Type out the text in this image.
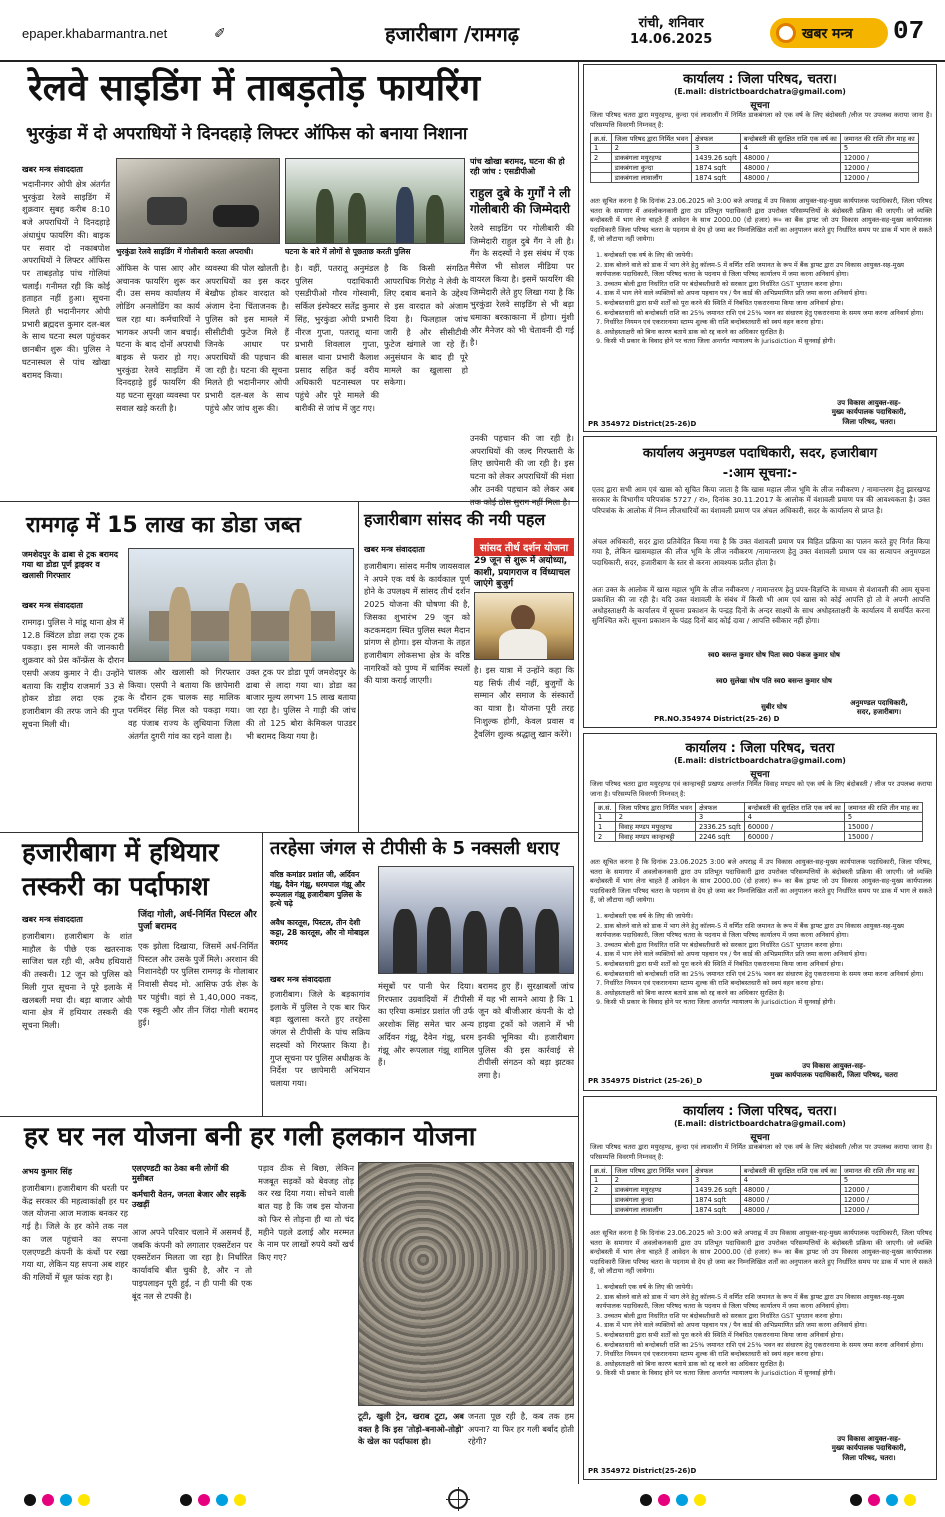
epaper.khabarmantra.net	✐	हजारीबाग /रामगढ़	रांची, शनिवार
14.06.2025	खबर मन्त्र 07
रेलवे साइडिंग में ताबड़तोड़ फायरिंग
भुरकुंडा में दो अपराधियों ने दिनदहाड़े लिफ्टर ऑफिस को बनाया निशाना
खबर मन्त्र संवाददाता
भुरकुंडा रेलवे साइडिंग में गोलीबारी करता अपराधी।	घटना के बारे में लोगों से पूछताछ करती पुलिस
पांच खोखा बरामद, घटना की हो रही जांच : एसडीपीओ
राहुल दुबे के गुर्गों ने ली गोलीबारी की जिम्मेदारी
रेलवे साइडिंग पर गोलीबारी की जिम्मेदारी राहुल दुबे गैंग ने ली है। गैंग के सदस्यों ने इस संबंध में एक मैसेज भी सोशल मीडिया पर वायरल किया है। इसमें फायरिंग की जिम्मेदारी लेते हुए लिखा गया है कि भुरकुंडा रेलवे साइडिंग से भी बड़ा धमाका बरकाकाना में होगा। मुंशी और मैनेजर को भी चेतावनी दी गई है।
भदानीनगर ओपी क्षेत्र अंतर्गत भुरकुंडा रेलवे साइडिंग में शुक्रवार सुबह करीब 8:10 बजे अपराधियों ने दिनदहाड़े अंधाधुंध फायरिंग की। बाइक पर सवार दो नकाबपोश अपराधियों ने लिफ्टर ऑफिस पर ताबड़तोड़ पांच गोलियां चलाईं। गनीमत रही कि कोई हताहत नहीं हुआ। सूचना मिलते ही भदानीनगर ओपी प्रभारी ब्रह्मदत्त कुमार दल-बल के साथ घटना स्थल पहुंचकर छानबीन शुरू की। पुलिस ने घटनास्थल से पांच खोखा बरामद किया।
ऑफिस के पास आए और अचानक फायरिंग शुरू कर दी। उस समय कार्यालय में लोडिंग अनलोडिंग का कार्य चल रहा था। कर्मचारियों ने भागकर अपनी जान बचाई। घटना के बाद दोनों अपराधी बाइक से फरार हो गए। भुरकुंडा रेलवे साइडिंग में दिनदहाड़े हुई फायरिंग की यह घटना सुरक्षा व्यवस्था पर सवाल खड़े करती है।
व्यवस्था की पोल खोलती है। अपराधियों का इस कदर बेखौफ होकर वारदात को अंजाम देना चिंताजनक है। पुलिस को इस मामले में सीसीटीवी फुटेज मिले हैं जिनके आधार पर अपराधियों की पहचान की जा रही है। घटना की सूचना मिलते ही भदानीनगर ओपी प्रभारी दल-बल के साथ पहुंचे और जांच शुरू की।
है। वहीं, पतरातू अनुमंडल पुलिस पदाधिकारी एसडीपीओ गौरव गोस्वामी, सर्किल इंस्पेक्टर सतेंद्र कुमार सिंह, भुरकुंडा ओपी प्रभारी नीरज गुप्ता, पतरातू थाना प्रभारी शिवलाल गुप्ता, बासल थाना प्रभारी कैलाश प्रसाद सहित कई वरीय अधिकारी घटनास्थल पर पहुंचे और पूरे मामले की बारीकी से जांच में जुट गए।
है कि किसी संगठित आपराधिक गिरोह ने लेवी के लिए दबाव बनाने के उद्देश्य से इस वारदात को अंजाम दिया है। फिलहाल जांच जारी है और सीसीटीवी फुटेज खंगाले जा रहे हैं। अनुसंधान के बाद ही पूरे मामले का खुलासा हो सकेगा।
उनकी पहचान की जा रही है। अपराधियों की जल्द गिरफ्तारी के लिए छापेमारी की जा रही है। इस घटना को लेकर अपराधियों की मंशा और उनकी पहचान को लेकर अब तक कोई ठोस सुराग नहीं मिला है।
रामगढ़ में 15 लाख का डोडा जब्त
जमशेदपुर के ढाबा से ट्रक बरामद गया था डोडा पूर्ण ड्राइवर व खलासी गिरफ्तार
खबर मन्त्र संवाददाता
रामगढ़। पुलिस ने मांडू थाना क्षेत्र में 12.8 क्विंटल डोडा लदा एक ट्रक पकड़ा। इस मामले की जानकारी शुक्रवार को प्रेस कॉन्फ्रेंस के दौरान एसपी अजय कुमार ने दी। उन्होंने बताया कि राष्ट्रीय राजमार्ग 33 से होकर डोडा लदा एक ट्रक हजारीबाग की तरफ जाने की गुप्त सूचना मिली थी।
चालक और खलासी को गिरफ्तार किया। एसपी ने बताया कि छापेमारी के दौरान ट्रक चालक सह मालिक परमिंदर सिंह मिल को पकड़ा गया। वह पंजाब राज्य के लुधियाना जिला अंतर्गत दुगरी गांव का रहने वाला है।
उक्त ट्रक पर डोडा पूर्ण जमशेदपुर के ढाबा से लादा गया था। डोडा का बाजार मूल्य लगभग 15 लाख बताया जा रहा है। पुलिस ने गाड़ी की जांच की तो 125 बोरा केमिकल पाउडर भी बरामद किया गया है।
हजारीबाग सांसद की नयी पहल
सांसद तीर्थ दर्शन योजना
29 जून से शुरू में अयोध्या, काशी, प्रयागराज व विंध्याचल जाएंगे बुजुर्ग
खबर मन्त्र संवाददाता
हजारीबाग। सांसद मनीष जायसवाल ने अपने एक वर्ष के कार्यकाल पूर्ण होने के उपलक्ष्य में सांसद तीर्थ दर्शन 2025 योजना की घोषणा की है, जिसका शुभारंभ 29 जून को कटकमदाग स्थित पुलिस स्थल मैदान प्रांगण से होगा। इस योजना के तहत हजारीबाग लोकसभा क्षेत्र के वरिष्ठ नागरिकों को पुण्य में धार्मिक स्थलों की यात्रा कराई जाएगी।
है। इस यात्रा में उन्होंने कहा कि यह सिर्फ तीर्थ नहीं, बुजुर्गों के सम्मान और समाज के संस्कारों का यात्रा है। योजना पूरी तरह निःशुल्क होगी, केवल प्रवास व ट्रैवलिंग शुल्क श्रद्धालु खान करेंगे।
हजारीबाग में हथियार
तस्करी का पर्दाफाश
जिंदा गोली, अर्ध-निर्मित पिस्टल और पुर्जा बरामद
खबर मन्त्र संवाददाता
हजारीबाग। हजारीबाग के शांत माहौल के पीछे एक खतरनाक साजिश चल रही थी, अवैध हथियारों की तस्करी। 12 जून को पुलिस को मिली गुप्त सूचना ने पूरे इलाके में खलबली मचा दी। बड़ा बाजार ओपी थाना क्षेत्र में हथियार तस्करी की सूचना मिली।
एक झोला दिखाया, जिसमें अर्ध-निर्मित पिस्टल और उसके पुर्जे मिले। अरशान की निशानदेही पर पुलिस रामगढ़ के गोलाबार निवासी सैयद मो. आसिफ उर्फ शेरू के घर पहुंची। वहां से 1,40,000 नकद, एक स्कूटी और तीन जिंदा गोली बरामद हुई।
तरहेसा जंगल से टीपीसी के 5 नक्सली धराए
वरिष्ठ कमांडर प्रशांत जी, अर्दिवन गंझू, दैवेन गंझू, धरमपाल गंझू और रूपलाल गंझू हजारीबाग पुलिस के हत्थे चढ़े
अवैध कारतूस, पिस्टल, तीन देशी कट्टा, 28 कारतूस, और नो मोबाइल बरामद
खबर मन्त्र संवाददाता
हजारीबाग। जिले के बड़कागांव इलाके में पुलिस ने एक बार फिर बड़ा खुलासा करते हुए तरहेसा जंगल से टीपीसी के पांच सक्रिय सदस्यों को गिरफ्तार किया है। गुप्त सूचना पर पुलिस अधीक्षक के निर्देश पर छापेमारी अभियान चलाया गया।
मंसूबों पर पानी फेर दिया। गिरफ्तार उग्रवादियों में टीपीसी का एरिया कमांडर प्रशांत जी उर्फ अरशोक सिंह समेत चार अन्य अर्दिवन गंझू, दैवेन गंझू, धरम गंझू और रूपलाल गंझू शामिल हैं।
बरामद हुए हैं। सुरक्षाबलों जांच में यह भी सामने आया है कि 1 जून को बीजीआर कंपनी के दो हाइवा ट्रकों को जलाने में भी इनकी भूमिका थी। हजारीबाग पुलिस की इस कार्रवाई से टीपीसी संगठन को बड़ा झटका लगा है।
हर घर नल योजना बनी हर गली हलकान योजना
अभय कुमार सिंह	एलएण्डटी का ठेका बनी लोगों की मुसीबत
कर्मचारी वेतन, जनता बेजार और सड़कें उखड़ीं
हजारीबाग। हजारीबाग की धरती पर केंद्र सरकार की महत्वाकांक्षी हर घर जल योजना आज मजाक बनकर रह गई है। जिले के हर कोने तक नल का जल पहुंचाने का सपना एलएण्डटी कंपनी के कंधों पर रखा गया था, लेकिन यह सपना अब शहर की गलियों में धूल फांक रहा है।
आज अपने परिवार चलाने में असमर्थ हैं, जबकि कंपनी को लगातार एक्सटेंशन पर एक्सटेंशन मिलता जा रहा है। निर्धारित कार्यावधि बीत चुकी है, और न तो पाइपलाइन पूरी हुई, न ही पानी की एक बूंद नल से टपकी है।
पड़ाव ठीक से बिछा, लेकिन मजबूत सड़कों को बेवजह तोड़ कर रख दिया गया। सोचने वाली बात यह है कि जब इस योजना को फिर से तोड़ना ही था तो चंद महीने पहले ढलाई और मरम्मत के नाम पर लाखों रुपये क्यों खर्च किए गए?
टूटी, खुली ट्रेन, खराब टूटा, अब वक्त है कि इस 'तोड़ो-बनाओ-तोड़ो' के खेल का पर्दाफाश हो।
जनता पूछ रही है, कब तक हम अपना? या फिर हर गली बर्बाद होती रहेगी?
कार्यालय : जिला परिषद, चतरा।
(E.mail: districtboardchatra@gmail.com)
सूचना
जिला परिषद चतरा द्वारा मयुरहण्ड, कुन्दा एवं लावालौंग में निर्मित डाकबंगला को एक वर्ष के लिए बंदोबस्ती /लीज पर उपलब्ध कराया जाना है। परिसम्पत्ति विवरणी निम्नवत् है:
क्र.सं.	जिला परिषद द्वारा निर्मित भवन	क्षेत्रफल	बन्दोबस्ती की सुरक्षित राशि एक वर्ष का	जमानत की राशि तीन माह का
1	2	3	4	5
2	डाकबंगला मयुरहण्ड	1439.26 sqft	48000 /	12000 /
	डाकबंगला कुन्दा	1874 sqft	48000 /	12000 /
	डाकबंगला लावालौंग	1874 sqft	48000 /	12000 /
अतः सूचित करना है कि दिनांक 23.06.2025 को 3:00 बजे अपराह्न में उप विकास आयुक्त-सह-मुख्य कार्यपालक पदाधिकारी, जिला परिषद चतरा के समागार में अवलोकनकारी द्वारा उप प्रतिभूत पदाधिकारी द्वारा उपरोक्त परिसम्पत्तियों के बंदोबस्ती प्रक्रिया की जाएगी। जो व्यक्ति बन्दोबस्ती में भाग लेना चाहते हैं आवेदन के साथ 2000.00 (दो हजार) रू० का बैंक ड्राफ्ट जो उप विकास आयुक्त-सह-मुख्य कार्यपालक पदाधिकारी जिला परिषद चतरा के पदनाम से देय हो जमा कर निम्नलिखित शर्तों का अनुपालन करते हुए निर्धारित समय पर डाक में भाग ले सकते हैं, जो लौटाया नहीं जायेगा।
1. बन्दोबस्ती एक वर्ष के लिए की जायेगी।
2. डाक बोलने वाले को डाक में भाग लेने हेतु कॉलम-5 में वर्णित राशि जमानत के रूप में बैंक ड्राफ्ट द्वारा उप विकास आयुक्त-सह-मुख्य कार्यपालक पदाधिकारी, जिला परिषद चतरा के पदनाम से जिला परिषद कार्यालय में जमा करना अनिवार्य होगा।
3. उच्चतम बोली द्वारा निर्धारित राशि पर बंदोबस्तीधारी को सरकार द्वारा निर्धारित GST भुगतान करना होगा।
4. डाक में भाग लेने वाले व्यक्तियों को अपना पहचान पत्र / पैन कार्ड की अभिप्रमाणित प्रति जमा करना अनिवार्य होगा।
5. बन्दोबस्तधारी द्वारा सभी शर्तों को पूरा करने की स्थिति में निबंधित एकरारनामा किया जाना अनिवार्य होगा।
6. बन्दोबस्तधारी को बन्दोबस्ती राशि का 25% जमानत राशि एवं 25% भवन का संधारण हेतु एकरारनामा के समय जमा करना अनिवार्य होगा।
7. निर्धारित नियमन एवं एकरारनामा स्टाम्प शुल्क की राशि बन्दोबस्तधारी को स्वयं वहन करना होगा।
8. अधोहस्ताक्षरी को बिना कारण बताये डाक को रद्द करने का अधिकार सुरक्षित है।
9. किसी भी प्रकार के विवाद होने पर चतरा जिला अन्तर्गत न्यायालय के jurisdiction में सुनवाई होगी।
उप विकास आयुक्त-सह-
मुख्य कार्यपालक पदाधिकारी,
जिला परिषद, चतरा।
PR 354972 District(25-26)D
कार्यालय अनुमण्डल पदाधिकारी, सदर, हजारीबाग
-:आम सूचना:-
एतद द्वारा सभी आम एवं खास को सूचित किया जाता है कि खास महाल लीज भूमि के लीज नवीकरण / नामान्तरण हेतु झारखण्ड सरकार के विभागीय परिपत्रांक 5727 / रा०, दिनांक 30.11.2017 के आलोक में वंशावली प्रमाण पत्र की आवश्यकता है। उक्त परिपत्रांक के आलोक में निम्न लीजधारियों का वंशावली प्रमाण पत्र अंचल अधिकारी, सदर के कार्यालय से प्राप्त है।
अंचल अधिकारी, सदर द्वारा प्रतिवेदित किया गया है कि उक्त वंशावली प्रमाण पत्र विहित प्रक्रिया का पालन करते हुए निर्गत किया गया है, लेकिन खासमहाल की लीज भूमि के लीज नवीकरण /नामान्तरण हेतु उक्त वंशावली प्रमाण पत्र का सत्यापन अनुमण्डल पदाधिकारी, सदर, हजारीबाग के स्तर से करना आवश्यक प्रतीत होता है।
अतः उक्त के आलोक में खास महाल भूमि के लीज नवीकरण / नामान्तरण हेतु प्रपत्र-विज्ञप्ति के माध्यम से वंशावली की आम सूचना प्रकाशित की जा रही है। यदि उक्त वंशावली के संबंध में किसी भी आम एवं खास को कोई आपत्ति हो तो वे अपनी आपत्ति अधोहस्ताक्षरी के कार्यालय में सूचना प्रकाशन के पन्द्रह दिनों के अन्दर साक्ष्यों के साथ अधोहस्ताक्षरी के कार्यालय में समर्पित करना सुनिश्चित करें। सूचना प्रकाशन के पंद्रह दिनों बाद कोई दावा / आपत्ति स्वीकार नहीं होगा।
स्व0 बसन्त कुमार घोष पिता स्व0 पंकज कुमार घोष
स्व0 सुलेखा घोष पति स्व0 बसन्त कुमार घोष
सुबीर घोष	अनुमण्डल पदाधिकारी,
सदर, हजारीबाग।
PR.NO.354974 District(25-26) D
कार्यालय : जिला परिषद, चतरा
(E.mail: districtboardchatra@gmail.com)
सूचना
जिला परिषद चतरा द्वारा मयुरहण्ड एवं कान्हाचट्टी प्रखण्ड अन्तर्गत निर्मित विवाह मण्डप को एक वर्ष के लिए बंदोबस्ती / लीज पर उपलब्ध कराया जाना है। परिसम्पत्ति विवरणी निम्नवत् है:
क्र.सं.	जिला परिषद द्वारा निर्मित भवन	क्षेत्रफल	बन्दोबस्ती की सुरक्षित राशि एक वर्ष का	जमानत की राशि तीन माह का
1	2	3	4	5
1	विवाह मण्डप मयुरहण्ड	2336.25 sqft	60000 /	15000 /
2	विवाह मण्डप कान्हाचट्टी	2246 sqft	60000 /	15000 /
अतः सूचित करना है कि दिनांक 23.06.2025 3:00 बजे अपराह्न में उप विकास आयुक्त-सह-मुख्य कार्यपालक पदाधिकारी, जिला परिषद, चतरा के समागार में अवलोकनकारी द्वारा उप प्रतिभूत पदाधिकारी द्वारा उपरोक्त परिसम्पत्तियों के बंदोबस्ती प्रक्रिया की जाएगी। जो व्यक्ति बन्दोबस्ती में भाग लेना चाहते हैं आवेदन के साथ 2000.00 (दो हजार) रू० का बैंक ड्राफ्ट जो उप विकास आयुक्त-सह-मुख्य कार्यपालक पदाधिकारी जिला परिषद चतरा के पदनाम से देय हो जमा कर निम्नलिखित शर्तों का अनुपालन करते हुए निर्धारित समय पर डाक में भाग ले सकते हैं, जो लौटाया नहीं जायेगा।
1. बन्दोबस्ती एक वर्ष के लिए की जायेगी।
2. डाक बोलने वाले को डाक में भाग लेने हेतु कॉलम-5 में वर्णित राशि जमानत के रूप में बैंक ड्राफ्ट द्वारा उप विकास आयुक्त-सह-मुख्य कार्यपालक पदाधिकारी, जिला परिषद चतरा के पदनाम से जिला परिषद कार्यालय में जमा करना अनिवार्य होगा।
3. उच्चतम बोली द्वारा निर्धारित राशि पर बंदोबस्तीधारी को सरकार द्वारा निर्धारित GST भुगतान करना होगा।
4. डाक में भाग लेने वाले व्यक्तियों को अपना पहचान पत्र / पैन कार्ड की अभिप्रमाणित प्रति जमा करना अनिवार्य होगा।
5. बन्दोबस्तधारी द्वारा सभी शर्तों को पूरा करने की स्थिति में निबंधित एकरारनामा किया जाना अनिवार्य होगा।
6. बन्दोबस्तधारी को बन्दोबस्ती राशि का 25% जमानत राशि एवं 25% भवन का संधारण हेतु एकरारनामा के समय जमा करना अनिवार्य होगा।
7. निर्धारित नियमन एवं एकरारनामा स्टाम्प शुल्क की राशि बन्दोबस्तधारी को स्वयं वहन करना होगा।
8. अधोहस्ताक्षरी को बिना कारण बताये डाक को रद्द करने का अधिकार सुरक्षित है।
9. किसी भी प्रकार के विवाद होने पर चतरा जिला अन्तर्गत न्यायालय के jurisdiction में सुनवाई होगी।
उप विकास आयुक्त-सह-
मुख्य कार्यपालक पदाधिकारी, जिला परिषद, चतरा
PR 354975 District (25-26)_D
कार्यालय : जिला परिषद, चतरा।
(E.mail: districtboardchatra@gmail.com)
सूचना
जिला परिषद चतरा द्वारा मयुरहण्ड, कुन्दा एवं लावालौंग में निर्मित डाकबंगला को एक वर्ष के लिए बंदोबस्ती /लीज पर उपलब्ध कराया जाना है। परिसम्पत्ति विवरणी निम्नवत् है:
क्र.सं.	जिला परिषद द्वारा निर्मित भवन	क्षेत्रफल	बन्दोबस्ती की सुरक्षित राशि एक वर्ष का	जमानत की राशि तीन माह का
1	2	3	4	5
2	डाकबंगला मयुरहण्ड	1439.26 sqft	48000 /	12000 /
	डाकबंगला कुन्दा	1874 sqft	48000 /	12000 /
	डाकबंगला लावालौंग	1874 sqft	48000 /	12000 /
अतः सूचित करना है कि दिनांक 23.06.2025 को 3:00 बजे अपराह्न में उप विकास आयुक्त-सह-मुख्य कार्यपालक पदाधिकारी, जिला परिषद चतरा के समागार में अवलोकनकारी द्वारा उप प्रतिभूत पदाधिकारी द्वारा उपरोक्त परिसम्पत्तियों के बंदोबस्ती प्रक्रिया की जाएगी। जो व्यक्ति बन्दोबस्ती में भाग लेना चाहते हैं आवेदन के साथ 2000.00 (दो हजार) रू० का बैंक ड्राफ्ट जो उप विकास आयुक्त-सह-मुख्य कार्यपालक पदाधिकारी जिला परिषद चतरा के पदनाम से देय हो जमा कर निम्नलिखित शर्तों का अनुपालन करते हुए निर्धारित समय पर डाक में भाग ले सकते हैं, जो लौटाया नहीं जायेगा।
1. बन्दोबस्ती एक वर्ष के लिए की जायेगी।
2. डाक बोलने वाले को डाक में भाग लेने हेतु कॉलम-5 में वर्णित राशि जमानत के रूप में बैंक ड्राफ्ट द्वारा उप विकास आयुक्त-सह-मुख्य कार्यपालक पदाधिकारी, जिला परिषद चतरा के पदनाम से जिला परिषद कार्यालय में जमा करना अनिवार्य होगा।
3. उच्चतम बोली द्वारा निर्धारित राशि पर बंदोबस्तीधारी को सरकार द्वारा निर्धारित GST भुगतान करना होगा।
4. डाक में भाग लेने वाले व्यक्तियों को अपना पहचान पत्र / पैन कार्ड की अभिप्रमाणित प्रति जमा करना अनिवार्य होगा।
5. बन्दोबस्तधारी द्वारा सभी शर्तों को पूरा करने की स्थिति में निबंधित एकरारनामा किया जाना अनिवार्य होगा।
6. बन्दोबस्तधारी को बन्दोबस्ती राशि का 25% जमानत राशि एवं 25% भवन का संधारण हेतु एकरारनामा के समय जमा करना अनिवार्य होगा।
7. निर्धारित नियमन एवं एकरारनामा स्टाम्प शुल्क की राशि बन्दोबस्तधारी को स्वयं वहन करना होगा।
8. अधोहस्ताक्षरी को बिना कारण बताये डाक को रद्द करने का अधिकार सुरक्षित है।
9. किसी भी प्रकार के विवाद होने पर चतरा जिला अन्तर्गत न्यायालय के jurisdiction में सुनवाई होगी।
उप विकास आयुक्त-सह-
मुख्य कार्यपालक पदाधिकारी,
जिला परिषद, चतरा।
PR 354972 District(25-26)D
